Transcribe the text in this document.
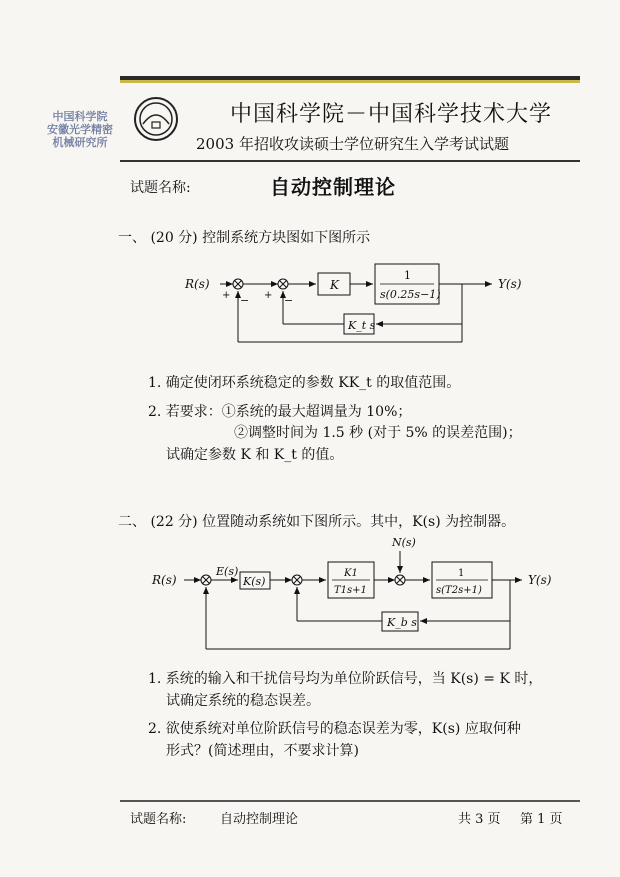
中国科学院
安徽光学精密
机械研究所
中国科学院－中国科学技术大学
2003 年招收攻读硕士学位研究生入学考试试题
试题名称:	自动控制理论
一、 (20 分) 控制系统方块图如下图所示
R(s)
+ − + −
K
1
s(0.25s−1)
Y(s)
K_t s
1. 确定使闭环系统稳定的参数 KK_t 的取值范围。
2. 若要求：①系统的最大超调量为 10%；
②调整时间为 1.5 秒 (对于 5% 的误差范围)；
试确定参数 K 和 K_t 的值。
二、 (22 分) 位置随动系统如下图所示。其中，K(s) 为控制器。
R(s)
E(s)
K(s)
K1
T1s+1
N(s)
1
s(T2s+1)
Y(s)
K_b s
1. 系统的输入和干扰信号均为单位阶跃信号，当 K(s) = K 时，
试确定系统的稳态误差。
2. 欲使系统对单位阶跃信号的稳态误差为零，K(s) 应取何种
形式？(简述理由，不要求计算)
试题名称:	自动控制理论	共 3 页 第 1 页
